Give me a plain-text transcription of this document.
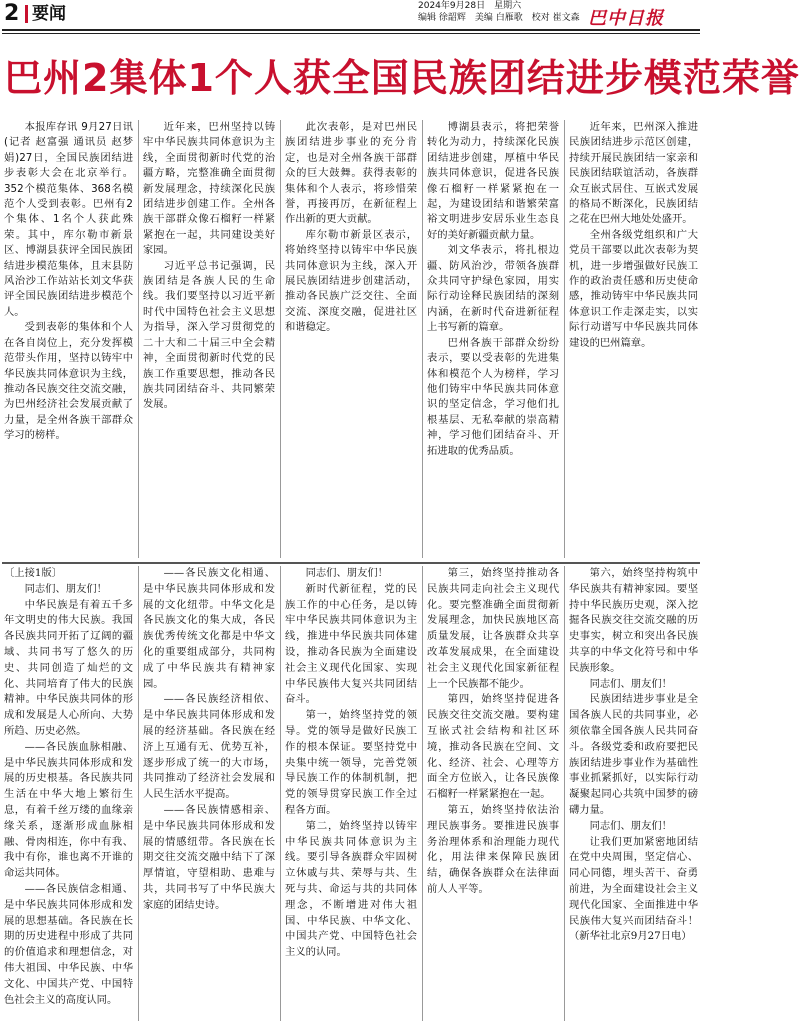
2 要闻	2024年9月28日　星期六
编辑 徐韶辉　美编 白雁歌　校对 崔文森 巴中日报
巴州2集体1个人获全国民族团结进步模范荣誉

本报库存讯 9月27日讯(记者 赵富强 通讯员 赵梦娟)27日，全国民族团结进步表彰大会在北京举行。352个模范集体、368名模范个人受到表彰。巴州有2个集体、1名个人获此殊荣。其中，库尔勒市新景区、博湖县获评全国民族团结进步模范集体，且末县防风治沙工作站站长刘文华获评全国民族团结进步模范个人。

受到表彰的集体和个人在各自岗位上，充分发挥模范带头作用，坚持以铸牢中华民族共同体意识为主线，推动各民族交往交流交融，为巴州经济社会发展贡献了力量，是全州各族干部群众学习的榜样。

近年来，巴州坚持以铸牢中华民族共同体意识为主线，全面贯彻新时代党的治疆方略，完整准确全面贯彻新发展理念，持续深化民族团结进步创建工作。全州各族干部群众像石榴籽一样紧紧抱在一起，共同建设美好家园。

习近平总书记强调，民族团结是各族人民的生命线。我们要坚持以习近平新时代中国特色社会主义思想为指导，深入学习贯彻党的二十大和二十届三中全会精神，全面贯彻新时代党的民族工作重要思想，推动各民族共同团结奋斗、共同繁荣发展。

此次表彰，是对巴州民族团结进步事业的充分肯定，也是对全州各族干部群众的巨大鼓舞。获得表彰的集体和个人表示，将珍惜荣誉，再接再厉，在新征程上作出新的更大贡献。

库尔勒市新景区表示，将始终坚持以铸牢中华民族共同体意识为主线，深入开展民族团结进步创建活动，推动各民族广泛交往、全面交流、深度交融，促进社区和谐稳定。

博湖县表示，将把荣誉转化为动力，持续深化民族团结进步创建，厚植中华民族共同体意识，促进各民族像石榴籽一样紧紧抱在一起，为建设团结和谐繁荣富裕文明进步安居乐业生态良好的美好新疆贡献力量。

刘文华表示，将扎根边疆、防风治沙，带领各族群众共同守护绿色家园，用实际行动诠释民族团结的深刻内涵，在新时代奋进新征程上书写新的篇章。

巴州各族干部群众纷纷表示，要以受表彰的先进集体和模范个人为榜样，学习他们铸牢中华民族共同体意识的坚定信念，学习他们扎根基层、无私奉献的崇高精神，学习他们团结奋斗、开拓进取的优秀品质。

近年来，巴州深入推进民族团结进步示范区创建，持续开展民族团结一家亲和民族团结联谊活动，各族群众互嵌式居住、互嵌式发展的格局不断深化，民族团结之花在巴州大地处处盛开。

全州各级党组织和广大党员干部要以此次表彰为契机，进一步增强做好民族工作的政治责任感和历史使命感，推动铸牢中华民族共同体意识工作走深走实，以实际行动谱写中华民族共同体建设的巴州篇章。

〔上接1版〕

同志们、朋友们！

中华民族是有着五千多年文明史的伟大民族。我国各民族共同开拓了辽阔的疆域、共同书写了悠久的历史、共同创造了灿烂的文化、共同培育了伟大的民族精神。中华民族共同体的形成和发展是人心所向、大势所趋、历史必然。

——各民族血脉相融、是中华民族共同体形成和发展的历史根基。各民族共同生活在中华大地上繁衍生息，有着千丝万缕的血缘亲缘关系，逐渐形成血脉相融、骨肉相连，你中有我、我中有你，谁也离不开谁的命运共同体。

——各民族信念相通、是中华民族共同体形成和发展的思想基础。各民族在长期的历史进程中形成了共同的价值追求和理想信念，对伟大祖国、中华民族、中华文化、中国共产党、中国特色社会主义的高度认同。

——各民族文化相通、是中华民族共同体形成和发展的文化纽带。中华文化是各民族文化的集大成，各民族优秀传统文化都是中华文化的重要组成部分，共同构成了中华民族共有精神家园。

——各民族经济相依、是中华民族共同体形成和发展的经济基础。各民族在经济上互通有无、优势互补，逐步形成了统一的大市场，共同推动了经济社会发展和人民生活水平提高。

——各民族情感相亲、是中华民族共同体形成和发展的情感纽带。各民族在长期交往交流交融中结下了深厚情谊，守望相助、患难与共，共同书写了中华民族大家庭的团结史诗。

同志们、朋友们！

新时代新征程，党的民族工作的中心任务，是以铸牢中华民族共同体意识为主线，推进中华民族共同体建设，推动各民族为全面建设社会主义现代化国家、实现中华民族伟大复兴共同团结奋斗。

第一，始终坚持党的领导。党的领导是做好民族工作的根本保证。要坚持党中央集中统一领导，完善党领导民族工作的体制机制，把党的领导贯穿民族工作全过程各方面。

第二，始终坚持以铸牢中华民族共同体意识为主线。要引导各族群众牢固树立休戚与共、荣辱与共、生死与共、命运与共的共同体理念，不断增进对伟大祖国、中华民族、中华文化、中国共产党、中国特色社会主义的认同。

第三，始终坚持推动各民族共同走向社会主义现代化。要完整准确全面贯彻新发展理念，加快民族地区高质量发展，让各族群众共享改革发展成果，在全面建设社会主义现代化国家新征程上一个民族都不能少。

第四，始终坚持促进各民族交往交流交融。要构建互嵌式社会结构和社区环境，推动各民族在空间、文化、经济、社会、心理等方面全方位嵌入，让各民族像石榴籽一样紧紧抱在一起。

第五，始终坚持依法治理民族事务。要推进民族事务治理体系和治理能力现代化，用法律来保障民族团结，确保各族群众在法律面前人人平等。

第六，始终坚持构筑中华民族共有精神家园。要坚持中华民族历史观，深入挖掘各民族交往交流交融的历史事实，树立和突出各民族共享的中华文化符号和中华民族形象。

同志们、朋友们！

民族团结进步事业是全国各族人民的共同事业，必须依靠全国各族人民共同奋斗。各级党委和政府要把民族团结进步事业作为基础性事业抓紧抓好，以实际行动凝聚起同心共筑中国梦的磅礴力量。

同志们、朋友们！

让我们更加紧密地团结在党中央周围，坚定信心、同心同德，埋头苦干、奋勇前进，为全面建设社会主义现代化国家、全面推进中华民族伟大复兴而团结奋斗！（新华社北京9月27日电）
